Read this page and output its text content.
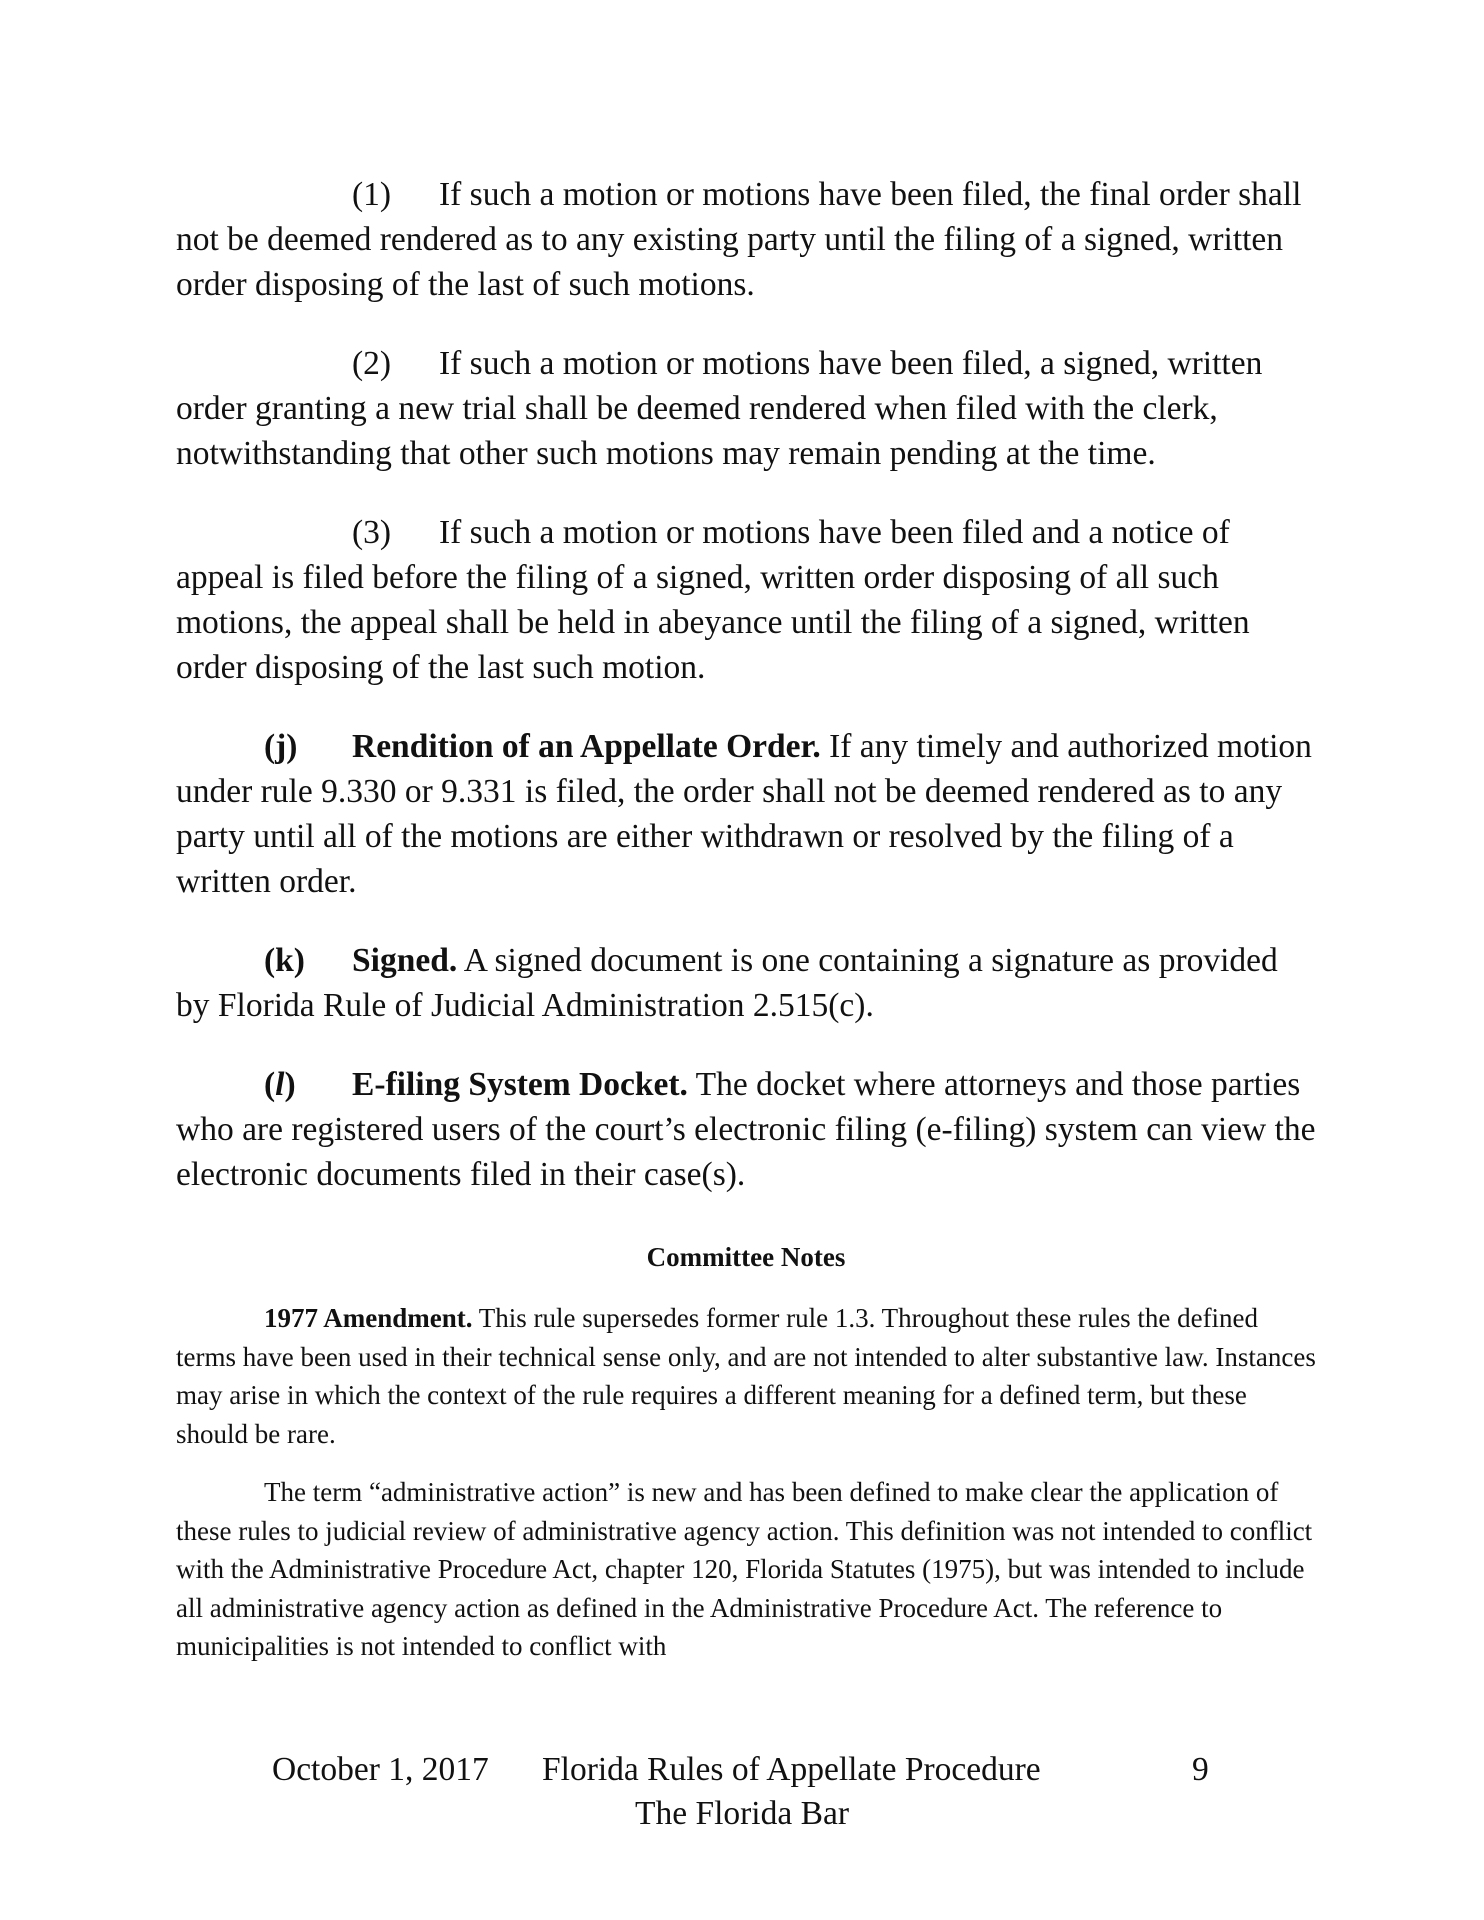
(1) If such a motion or motions have been filed, the final order shall not be deemed rendered as to any existing party until the filing of a signed, written order disposing of the last of such motions.

(2) If such a motion or motions have been filed, a signed, written order granting a new trial shall be deemed rendered when filed with the clerk, notwithstanding that other such motions may remain pending at the time.

(3) If such a motion or motions have been filed and a notice of appeal is filed before the filing of a signed, written order disposing of all such motions, the appeal shall be held in abeyance until the filing of a signed, written order disposing of the last such motion.

(j) Rendition of an Appellate Order. If any timely and authorized motion under rule 9.330 or 9.331 is filed, the order shall not be deemed rendered as to any party until all of the motions are either withdrawn or resolved by the filing of a written order.

(k) Signed. A signed document is one containing a signature as provided by Florida Rule of Judicial Administration 2.515(c).

(l) E-filing System Docket. The docket where attorneys and those parties who are registered users of the court’s electronic filing (e-filing) system can view the electronic documents filed in their case(s).

Committee Notes

1977 Amendment. This rule supersedes former rule 1.3. Throughout these rules the defined terms have been used in their technical sense only, and are not intended to alter substantive law. Instances may arise in which the context of the rule requires a different meaning for a defined term, but these should be rare.

The term “administrative action” is new and has been defined to make clear the application of these rules to judicial review of administrative agency action. This definition was not intended to conflict with the Administrative Procedure Act, chapter 120, Florida Statutes (1975), but was intended to include all administrative agency action as defined in the Administrative Procedure Act. The reference to municipalities is not intended to conflict with

October 1, 2017 Florida Rules of Appellate Procedure	9
The Florida Bar
